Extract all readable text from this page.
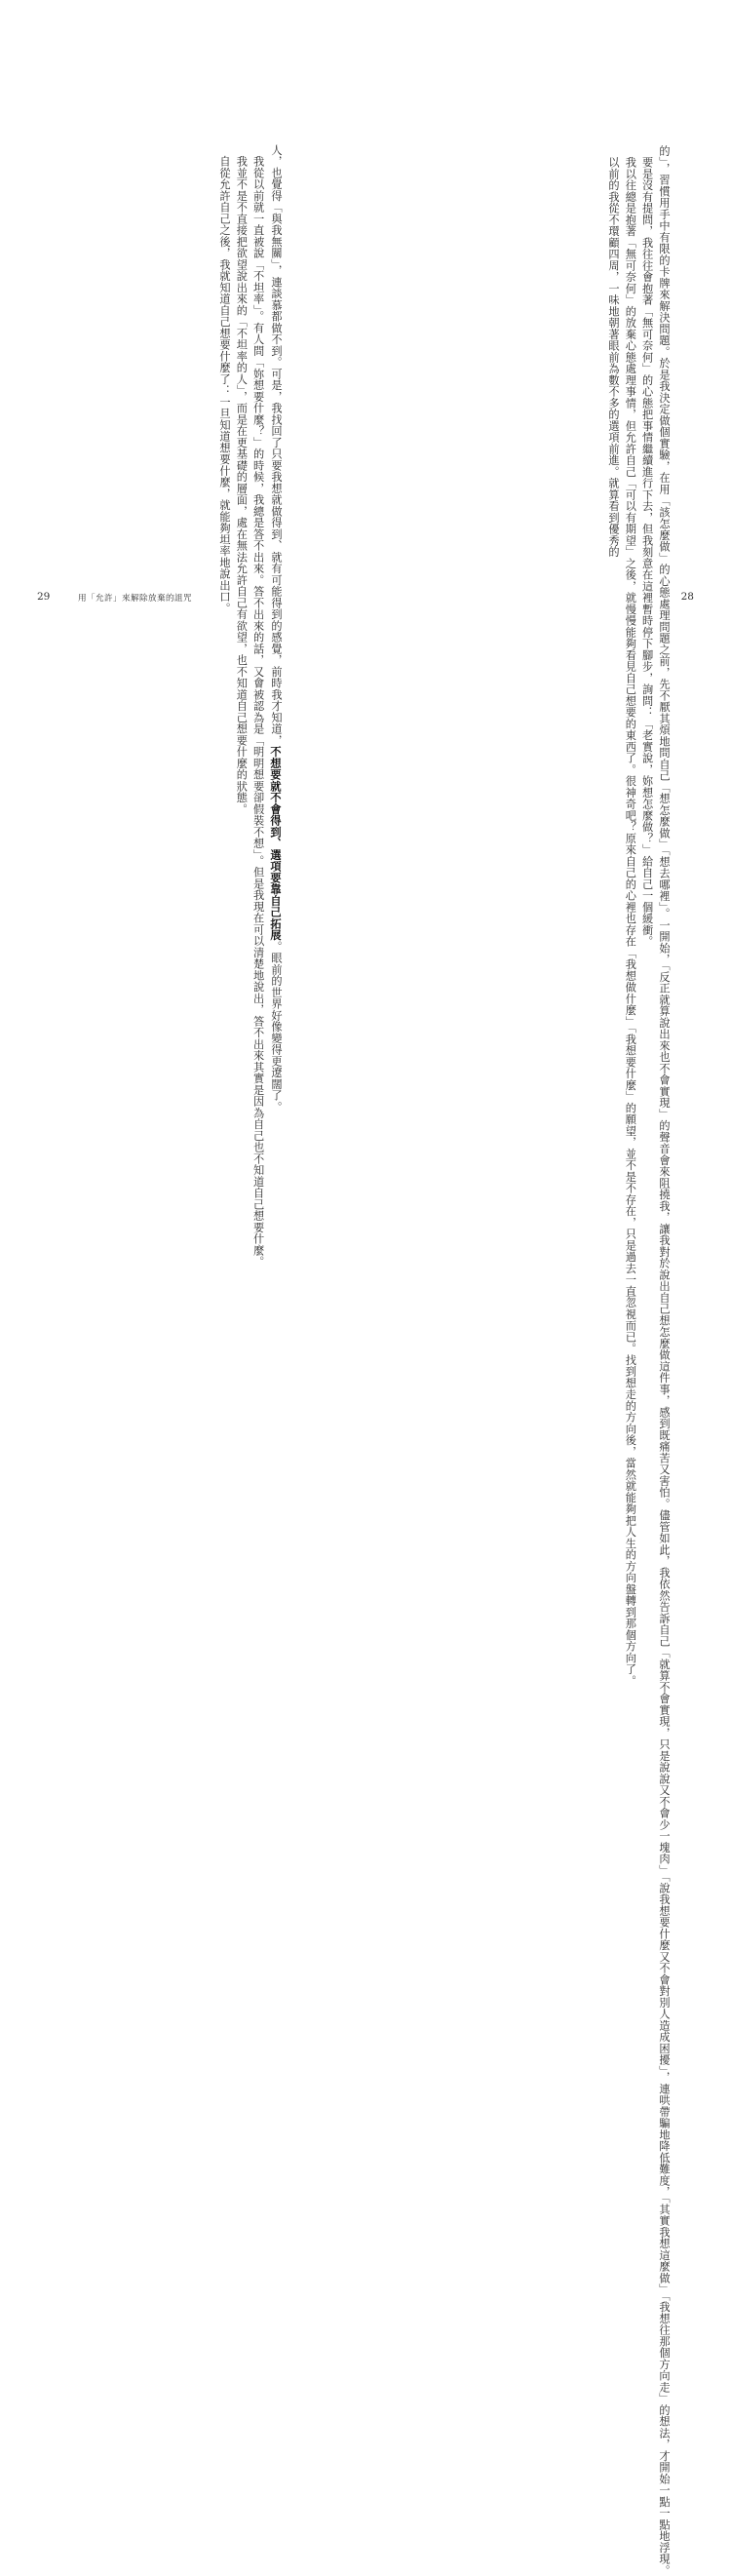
人，也覺得「與我無關」，連談慕都做不到。可是，我找回了只要我想就做得到、就有可能得到的感覺，前時我才知道，不想要就不會得到、選項要靠自己拓展。眼前的世界好像變得更遼闊了。

　我從以前就一直被說「不坦率」。有人問「妳想要什麼？」的時候，我總是答不出來。答不出來的話，又會被認為是「明明想要卻假裝不想」。但是我現在可以清楚地說出，答不出來其實是因為自己也不知道自己想要什麼。

　我並不是不直接把欲望說出來的「不坦率的人」，而是在更基礎的層面，處在無法允許自己有欲望，也不知道自己想要什麼的狀態。

　自從允許自己之後，我就知道自己想要什麼了：一旦知道想要什麼，就能夠坦率地說出口。

29	用「允許」來解除放棄的詛咒

的」，習慣用手中有限的卡牌來解決問題。於是我決定做個實驗，在用「該怎麼做」的心態處理問題之前，先不厭其煩地問自己「想怎麼做」「想去哪裡」。一開始，「反正就算說出來也不會實現」的聲音會來阻撓我，讓我對於說出自己想怎麼做這件事，感到既痛苦又害怕。儘管如此，我依然告訴自己「就算不會實現，只是說說又不會少一塊肉」「說我想要什麼又不會對別人造成困擾」，連哄帶騙地降低難度，「其實我想這麼做」「我想往那個方向走」的想法，才開始一點一點地浮現。

　要是沒有提問，我往往會抱著「無可奈何」的心態把事情繼續進行下去，但我刻意在這裡暫時停下腳步，詢問：「老實說，妳想怎麼做？」給自己一個緩衝。

　我以往總是抱著「無可奈何」的放棄心態處理事情，但允許自己「可以有期望」之後，就慢慢能夠看見自己想要的東西了。很神奇吧？原來自己的心裡也存在「我想做什麼」「我想要什麼」的願望，並不是不存在，只是過去一直忽視而已。找到想走的方向後，當然就能夠把人生的方向盤轉到那個方向了。

　以前的我從不環顧四周，一味地朝著眼前為數不多的選項前進。就算看到優秀的

28
